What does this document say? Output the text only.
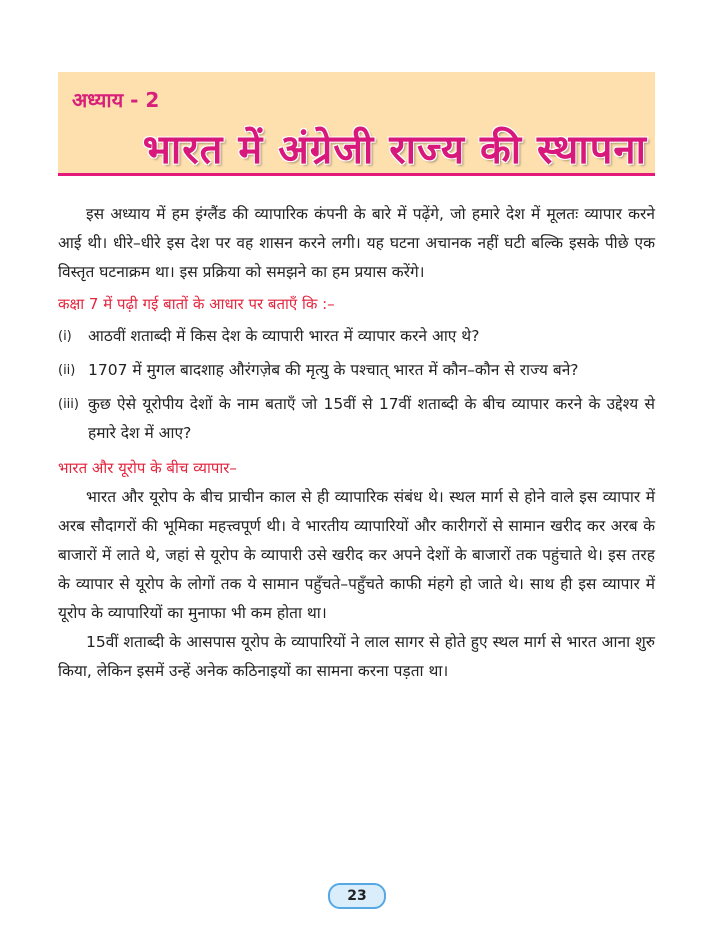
अध्याय - 2
भारत में अंग्रेजी राज्य की स्थापना

इस अध्याय में हम इंग्लैंड की व्यापारिक कंपनी के बारे में पढ़ेंगे, जो हमारे देश में मूलतः व्यापार करने आई थी। धीरे–धीरे इस देश पर वह शासन करने लगी। यह घटना अचानक नहीं घटी बल्कि इसके पीछे एक विस्तृत घटनाक्रम था। इस प्रक्रिया को समझने का हम प्रयास करेंगे।

कक्षा 7 में पढ़ी गई बातों के आधार पर बताएँ कि :–
(i)	आठवीं शताब्दी में किस देश के व्यापारी भारत में व्यापार करने आए थे?
(ii) 1707 में मुगल बादशाह औरंगज़ेब की मृत्यु के पश्चात् भारत में कौन–कौन से राज्य बने?
(iii) कुछ ऐसे यूरोपीय देशों के नाम बताएँ जो 15वीं से 17वीं शताब्दी के बीच व्यापार करने के उद्देश्य से हमारे देश में आए?
भारत और यूरोप के बीच व्यापार–

भारत और यूरोप के बीच प्राचीन काल से ही व्यापारिक संबंध थे। स्थल मार्ग से होने वाले इस व्यापार में अरब सौदागरों की भूमिका महत्त्वपूर्ण थी। वे भारतीय व्यापारियों और कारीगरों से सामान खरीद कर अरब के बाजारों में लाते थे, जहां से यूरोप के व्यापारी उसे खरीद कर अपने देशों के बाजारों तक पहुंचाते थे। इस तरह के व्यापार से यूरोप के लोगों तक ये सामान पहुँचते–पहुँचते काफी मंहगे हो जाते थे। साथ ही इस व्यापार में यूरोप के व्यापारियों का मुनाफा भी कम होता था।

15वीं शताब्दी के आसपास यूरोप के व्यापारियों ने लाल सागर से होते हुए स्थल मार्ग से भारत आना शुरु किया, लेकिन इसमें उन्हें अनेक कठिनाइयों का सामना करना पड़ता था।

23
